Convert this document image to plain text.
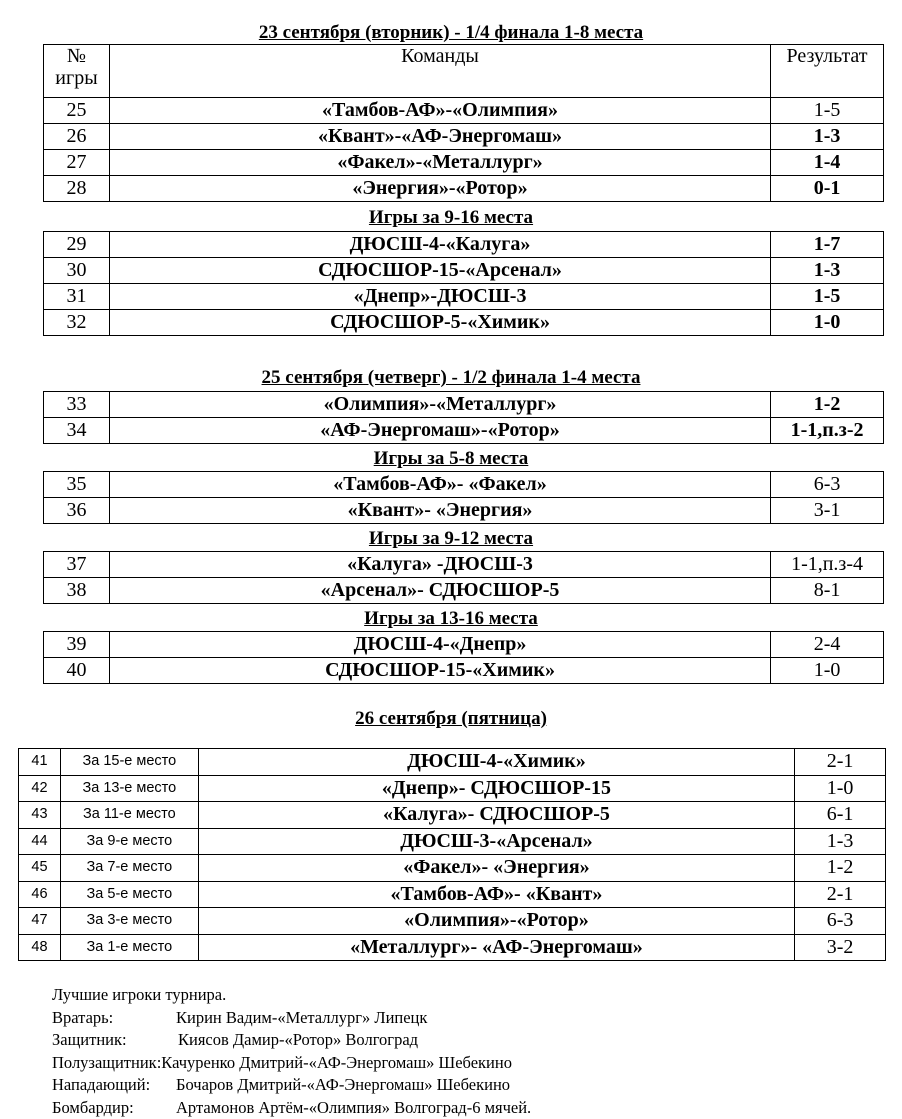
23 сентября (вторник) - 1/4 финала 1-8 места
№
игры	Команды	Результат
25	«Тамбов-АФ»-«Олимпия»	1-5
26	«Квант»-«АФ-Энергомаш»	1-3
27	«Факел»-«Металлург»	1-4
28	«Энергия»-«Ротор»	0-1
Игры за 9-16 места
29	ДЮСШ-4-«Калуга»	1-7
30	СДЮСШОР-15-«Арсенал»	1-3
31	«Днепр»-ДЮСШ-3	1-5
32	СДЮСШОР-5-«Химик»	1-0
25 сентября (четверг) - 1/2 финала 1-4 места
33	«Олимпия»-«Металлург»	1-2
34	«АФ-Энергомаш»-«Ротор»	1-1,п.з-2
Игры за 5-8 места
35	«Тамбов-АФ»- «Факел»	6-3
36	«Квант»- «Энергия»	3-1
Игры за 9-12 места
37	«Калуга» -ДЮСШ-3	1-1,п.з-4
38	«Арсенал»- СДЮСШОР-5	8-1
Игры за 13-16 места
39	ДЮСШ-4-«Днепр»	2-4
40	СДЮСШОР-15-«Химик»	1-0
26 сентября (пятница)
41	За 15-е место	ДЮСШ-4-«Химик»	2-1
42	За 13-е место	«Днепр»- СДЮСШОР-15	1-0
43	За 11-е место	«Калуга»- СДЮСШОР-5	6-1
44	За 9-е место	ДЮСШ-3-«Арсенал»	1-3
45	За 7-е место	«Факел»- «Энергия»	1-2
46	За 5-е место	«Тамбов-АФ»- «Квант»	2-1
47	За 3-е место	«Олимпия»-«Ротор»	6-3
48	За 1-е место	«Металлург»- «АФ-Энергомаш»	3-2
Лучшие игроки турнира.
Вратарь:	Кирин Вадим-«Металлург» Липецк
Защитник:	Киясов Дамир-«Ротор» Волгоград
Полузащитник:Качуренко Дмитрий-«АФ-Энергомаш» Шебекино
Нападающий: Бочаров Дмитрий-«АФ-Энергомаш» Шебекино
Бомбардир:	Артамонов Артём-«Олимпия» Волгоград-6 мячей.
